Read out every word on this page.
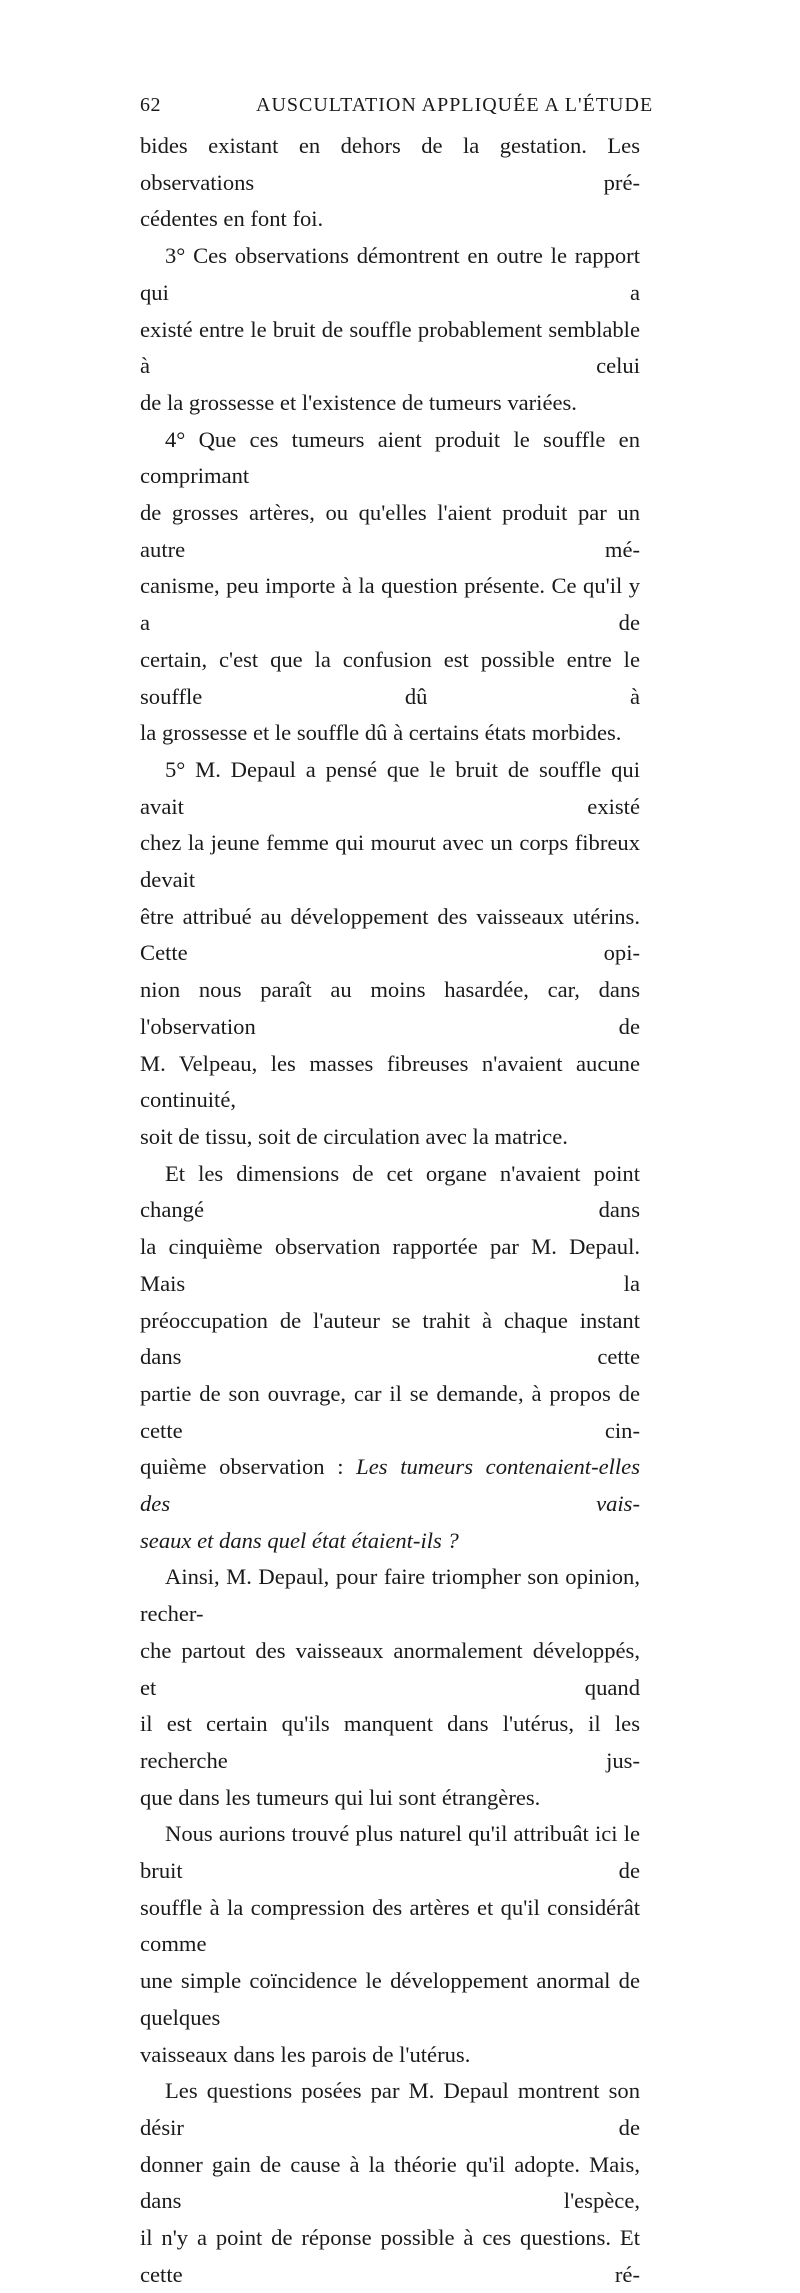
62	AUSCULTATION APPLIQUÉE A L'ÉTUDE

bides existant en dehors de la gestation. Les observations pré-

cédentes en font foi.

3° Ces observations démontrent en outre le rapport qui a

existé entre le bruit de souffle probablement semblable à celui

de la grossesse et l'existence de tumeurs variées.

4° Que ces tumeurs aient produit le souffle en comprimant

de grosses artères, ou qu'elles l'aient produit par un autre mé-

canisme, peu importe à la question présente. Ce qu'il y a de

certain, c'est que la confusion est possible entre le souffle dû à

la grossesse et le souffle dû à certains états morbides.

5° M. Depaul a pensé que le bruit de souffle qui avait existé

chez la jeune femme qui mourut avec un corps fibreux devait

être attribué au développement des vaisseaux utérins. Cette opi-

nion nous paraît au moins hasardée, car, dans l'observation de

M. Velpeau, les masses fibreuses n'avaient aucune continuité,

soit de tissu, soit de circulation avec la matrice.

Et les dimensions de cet organe n'avaient point changé dans

la cinquième observation rapportée par M. Depaul. Mais la

préoccupation de l'auteur se trahit à chaque instant dans cette

partie de son ouvrage, car il se demande, à propos de cette cin-

quième observation : Les tumeurs contenaient-elles des vais-

seaux et dans quel état étaient-ils ?

Ainsi, M. Depaul, pour faire triompher son opinion, recher-

che partout des vaisseaux anormalement développés, et quand

il est certain qu'ils manquent dans l'utérus, il les recherche jus-

que dans les tumeurs qui lui sont étrangères.

Nous aurions trouvé plus naturel qu'il attribuât ici le bruit de

souffle à la compression des artères et qu'il considérât comme

une simple coïncidence le développement anormal de quelques

vaisseaux dans les parois de l'utérus.

Les questions posées par M. Depaul montrent son désir de

donner gain de cause à la théorie qu'il adopte. Mais, dans l'espèce,

il n'y a point de réponse possible à ces questions. Et cette ré-
